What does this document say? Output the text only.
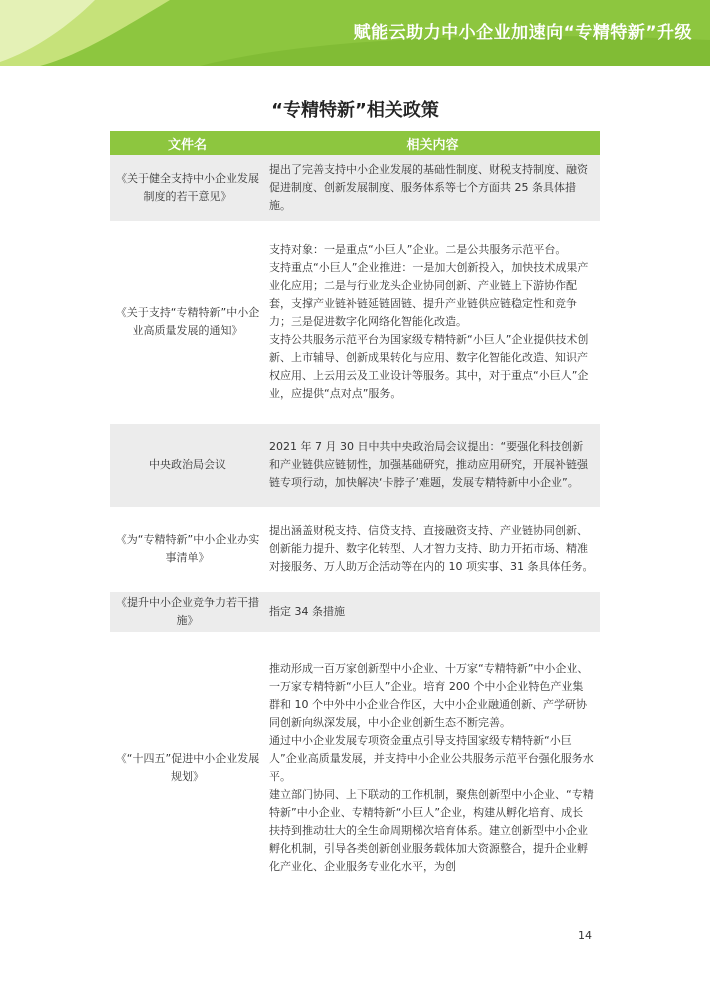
赋能云助力中小企业加速向“专精特新”升级
“专精特新”相关政策
文件名	相关内容
《关于健全支持中小企业发展制度的若干意见》	提出了完善支持中小企业发展的基础性制度、财税支持制度、融资促进制度、创新发展制度、服务体系等七个方面共 25 条具体措施。

《关于支持“专精特新”中小企业高质量发展的通知》	支持对象：一是重点“小巨人”企业。二是公共服务示范平台。

支持重点“小巨人”企业推进：一是加大创新投入，加快技术成果产业化应用；二是与行业龙头企业协同创新、产业链上下游协作配套，支撑产业链补链延链固链、提升产业链供应链稳定性和竞争力；三是促进数字化网络化智能化改造。

支持公共服务示范平台为国家级专精特新“小巨人”企业提供技术创新、上市辅导、创新成果转化与应用、数字化智能化改造、知识产权应用、上云用云及工业设计等服务。其中，对于重点“小巨人”企业，应提供“点对点”服务。

中央政治局会议	2021 年 7 月 30 日中共中央政治局会议提出：“要强化科技创新和产业链供应链韧性，加强基础研究，推动应用研究，开展补链强链专项行动，加快解决‘卡脖子’难题，发展专精特新中小企业”。

《为“专精特新”中小企业办实事清单》	提出涵盖财税支持、信贷支持、直接融资支持、产业链协同创新、创新能力提升、数字化转型、人才智力支持、助力开拓市场、精准对接服务、万人助万企活动等在内的 10 项实事、31 条具体任务。

《提升中小企业竞争力若干措施》	指定 34 条措施

《“十四五”促进中小企业发展规划》	推动形成一百万家创新型中小企业、十万家“专精特新”中小企业、一万家专精特新“小巨人”企业。培育 200 个中小企业特色产业集群和 10 个中外中小企业合作区，大中小企业融通创新、产学研协同创新向纵深发展，中小企业创新生态不断完善。

通过中小企业发展专项资金重点引导支持国家级专精特新“小巨人”企业高质量发展，并支持中小企业公共服务示范平台强化服务水平。

建立部门协同、上下联动的工作机制，聚焦创新型中小企业、“专精特新”中小企业、专精特新“小巨人”企业，构建从孵化培育、成长扶持到推动壮大的全生命周期梯次培育体系。建立创新型中小企业孵化机制，引导各类创新创业服务载体加大资源整合，提升企业孵化产业化、企业服务专业化水平，为创

14
